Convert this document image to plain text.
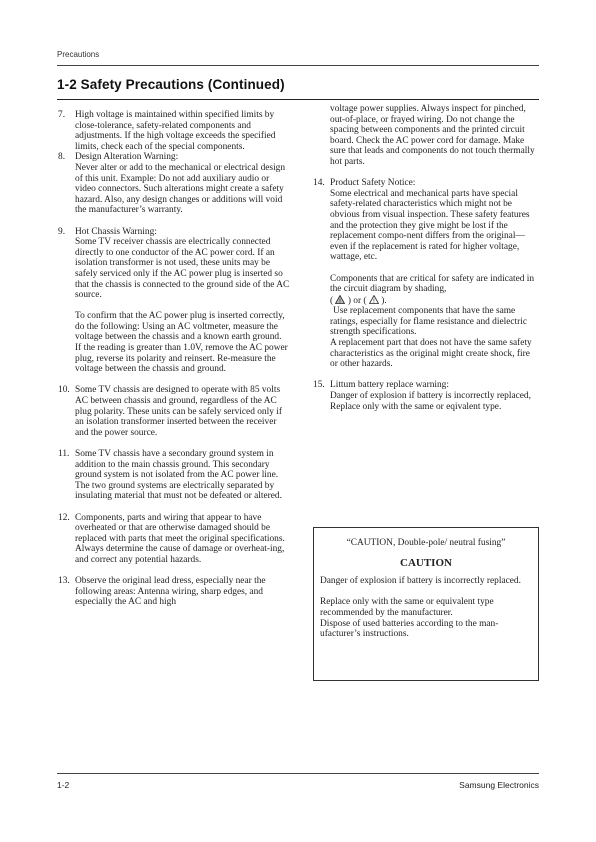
Precautions
1-2 Safety Precautions (Continued)
7.	High voltage is maintained within specified limits by close-tolerance, safety-related components and adjustments. If the high voltage exceeds the specified limits, check each of the special components.

8.	Design Alteration Warning:

Never alter or add to the mechanical or electrical design of this unit. Example: Do not add auxiliary audio or video connectors. Such alterations might create a safety hazard. Also, any design changes or additions will void the manufacturer’s warranty.

9.	Hot Chassis Warning:

Some TV receiver chassis are electrically connected directly to one conductor of the AC power cord. If an isolation transformer is not used, these units may be safely serviced only if the AC power plug is inserted so that the chassis is connected to the ground side of the AC source.

To confirm that the AC power plug is inserted correctly, do the following: Using an AC voltmeter, measure the voltage between the chassis and a known earth ground. If the reading is greater than 1.0V, remove the AC power plug, reverse its polarity and reinsert. Re-measure the voltage between the chassis and ground.

10. Some TV chassis are designed to operate with 85 volts AC between chassis and ground, regardless of the AC plug polarity. These units can be safely serviced only if an isolation transformer inserted between the receiver and the power source.

11. Some TV chassis have a secondary ground system in addition to the main chassis ground. This secondary ground system is not isolated from the AC power line. The two ground systems are electrically separated by insulating material that must not be defeated or altered.

12. Components, parts and wiring that appear to have overheated or that are otherwise damaged should be replaced with parts that meet the original specifications. Always determine the cause of damage or overheat-ing, and correct any potential hazards.

13. Observe the original lead dress, especially near the following areas: Antenna wiring, sharp edges, and especially the AC and high

voltage power supplies. Always inspect for pinched, out-of-place, or frayed wiring. Do not change the spacing between components and the printed circuit board. Check the AC power cord for damage. Make sure that leads and components do not touch thermally hot parts.

14. Product Safety Notice:

Some electrical and mechanical parts have special safety-related characteristics which might not be obvious from visual inspection. These safety features and the protection they give might be lost if the replacement compo-nent differs from the original—even if the replacement is rated for higher voltage, wattage, etc.

Components that are critical for safety are indicated in the circuit diagram by shading,

( ! ) or ( ! ).

Use replacement components that have the same ratings, especially for flame resistance and dielectric strength specifications.

A replacement part that does not have the same safety characteristics as the original might create shock, fire or other hazards.

15. Littum battery replace warning:

Danger of explosion if battery is incorrectly replaced, Replace only with the same or eqivalent type.

“CAUTION, Double-pole/ neutral fusing”
CAUTION

Danger of explosion if battery is incorrectly replaced.

Replace only with the same or equivalent type recommended by the manufacturer.

Dispose of used batteries according to the man-ufacturer’s instructions.

1-2	Samsung Electronics
